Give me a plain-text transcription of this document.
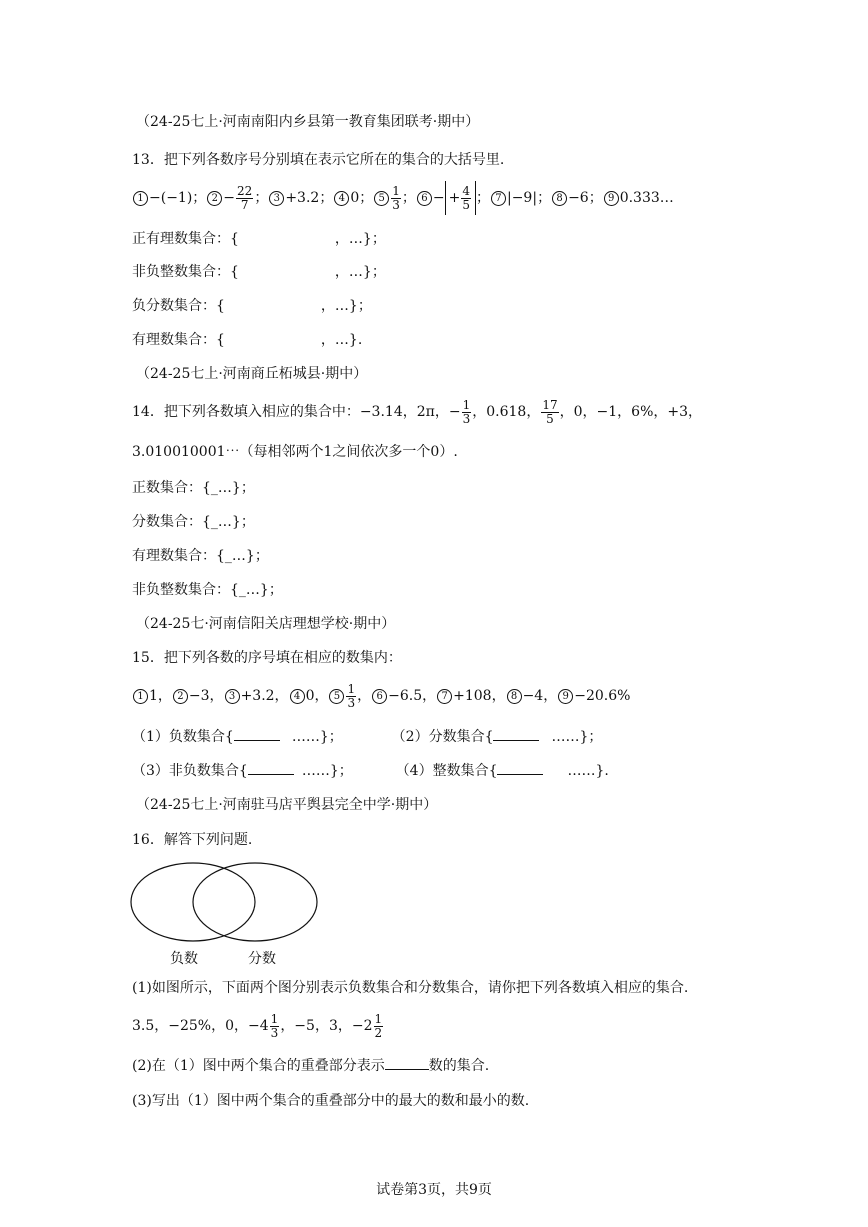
（24-25七上·河南南阳内乡县第一教育集团联考·期中）
13．把下列各数序号分别填在表示它所在的集合的大括号里.
1 −(−1) ； $2 - \frac{22}{7}$ ； 3 +3.2 ； 4 0 ； $5 \frac{1}{3}$ ； 6 − + $\frac{4}{5}$ ； 7 |−9| ； 8 −6 ； 9 0.333…
正有理数集合：{	，…}；
非负整数集合：{	，…}；
负分数集合：{	，…}；
有理数集合：{	，…}.
（24-25七上·河南商丘柘城县·期中）
14．把下列各数填入相应的集合中： −3.14 ， 2π ， − $\frac{1}{3}$ ， 0.618 ， $\frac{17}{5}$ ， 0 ， −1 ， 6% ， +3 ，
3.010010001⋯（每相邻两个1之间依次多一个0）.
正数集合：{_…}；
分数集合：{_…}；
有理数集合：{_…}；
非负整数集合：{_…}；
（24-25七·河南信阳关店理想学校·期中）
15．把下列各数的序号填在相应的数集内：
1 1， 2 −3， 3 +3.2， 4 0， $5 \frac{1}{3}$ ， 6 −6.5， 7 +108， 8 −4， 9 −20.6%
（1）负数集合{	……}；	（2）分数集合{	……}；
（3）非负数集合{	……}；	（4）整数集合{	……}.
（24-25七上·河南驻马店平舆县完全中学·期中）
16．解答下列问题.
负数	分数
(1)如图所示，下面两个图分别表示负数集合和分数集合，请你把下列各数填入相应的集合.
3.5，−25%，0，$-4 \frac{1}{3}$ ，−5，3，$-2 \frac{1}{2}$
(2)在（1）图中两个集合的重叠部分表示	数的集合.
(3)写出（1）图中两个集合的重叠部分中的最大的数和最小的数.
试卷第3页，共9页
